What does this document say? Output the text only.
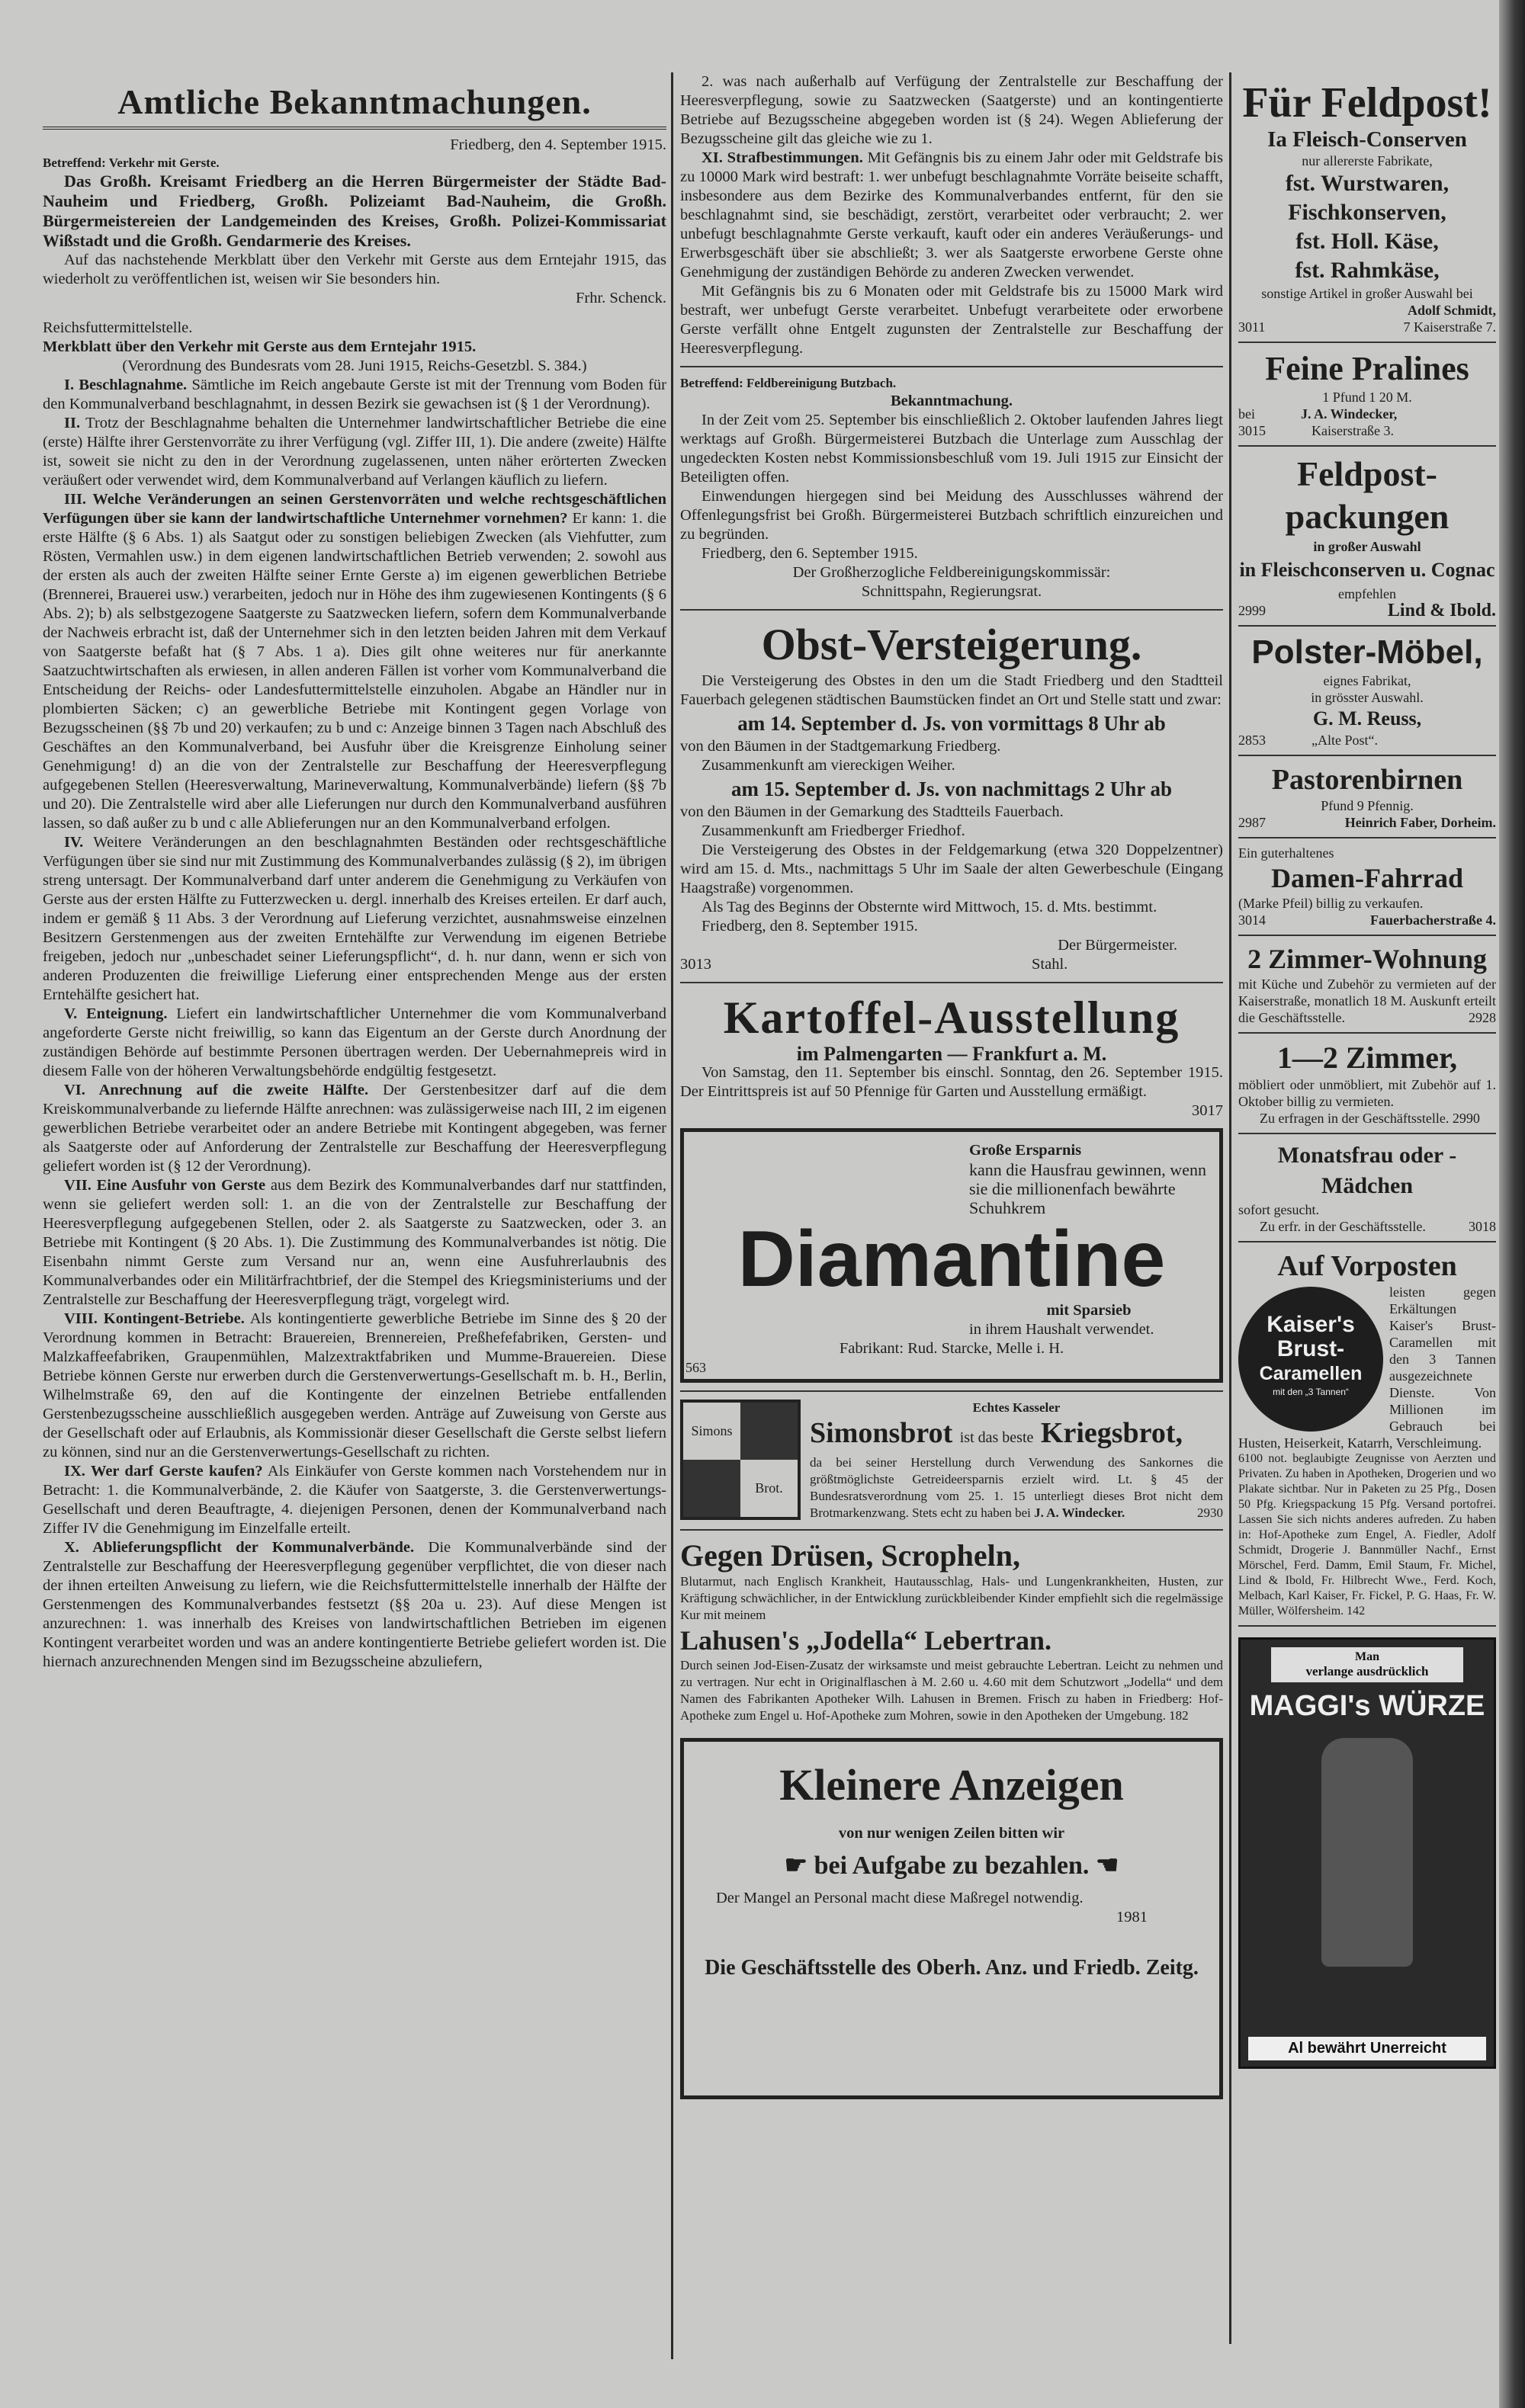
Amtliche Bekanntmachungen.

Friedberg, den 4. September 1915.

Betreffend: Verkehr mit Gerste.

Das Großh. Kreisamt Friedberg an die Herren Bürgermeister der Städte Bad-Nauheim und Friedberg, Großh. Polizeiamt Bad-Nauheim, die Großh. Bürgermeistereien der Landgemeinden des Kreises, Großh. Polizei-Kommissariat Wißstadt und die Großh. Gendarmerie des Kreises.

Auf das nachstehende Merkblatt über den Verkehr mit Gerste aus dem Erntejahr 1915, das wiederholt zu veröffentlichen ist, weisen wir Sie besonders hin.

Frhr. Schenck.

Reichsfuttermittelstelle.

Merkblatt über den Verkehr mit Gerste aus dem Erntejahr 1915.

(Verordnung des Bundesrats vom 28. Juni 1915, Reichs-Gesetzbl. S. 384.)

I. Beschlagnahme. Sämtliche im Reich angebaute Gerste ist mit der Trennung vom Boden für den Kommunalverband beschlagnahmt, in dessen Bezirk sie gewachsen ist (§ 1 der Verordnung).

II. Trotz der Beschlagnahme behalten die Unternehmer landwirtschaftlicher Betriebe die eine (erste) Hälfte ihrer Gerstenvorräte zu ihrer Verfügung (vgl. Ziffer III, 1). Die andere (zweite) Hälfte ist, soweit sie nicht zu den in der Verordnung zugelassenen, unten näher erörterten Zwecken veräußert oder verwendet wird, dem Kommunalverband auf Verlangen käuflich zu liefern.

III. Welche Veränderungen an seinen Gerstenvorräten und welche rechtsgeschäftlichen Verfügungen über sie kann der landwirtschaftliche Unternehmer vornehmen? Er kann: 1. die erste Hälfte (§ 6 Abs. 1) als Saatgut oder zu sonstigen beliebigen Zwecken (als Viehfutter, zum Rösten, Vermahlen usw.) in dem eigenen landwirtschaftlichen Betrieb verwenden; 2. sowohl aus der ersten als auch der zweiten Hälfte seiner Ernte Gerste a) im eigenen gewerblichen Betriebe (Brennerei, Brauerei usw.) verarbeiten, jedoch nur in Höhe des ihm zugewiesenen Kontingents (§ 6 Abs. 2); b) als selbstgezogene Saatgerste zu Saatzwecken liefern, sofern dem Kommunalverbande der Nachweis erbracht ist, daß der Unternehmer sich in den letzten beiden Jahren mit dem Verkauf von Saatgerste befaßt hat (§ 7 Abs. 1 a). Dies gilt ohne weiteres nur für anerkannte Saatzuchtwirtschaften als erwiesen, in allen anderen Fällen ist vorher vom Kommunalverband die Entscheidung der Reichs- oder Landesfuttermittelstelle einzuholen. Abgabe an Händler nur in plombierten Säcken; c) an gewerbliche Betriebe mit Kontingent gegen Vorlage von Bezugsscheinen (§§ 7b und 20) verkaufen; zu b und c: Anzeige binnen 3 Tagen nach Abschluß des Geschäftes an den Kommunalverband, bei Ausfuhr über die Kreisgrenze Einholung seiner Genehmigung! d) an die von der Zentralstelle zur Beschaffung der Heeresverpflegung aufgegebenen Stellen (Heeresverwaltung, Marineverwaltung, Kommunalverbände) liefern (§§ 7b und 20). Die Zentralstelle wird aber alle Lieferungen nur durch den Kommunalverband ausführen lassen, so daß außer zu b und c alle Ablieferungen nur an den Kommunalverband erfolgen.

IV. Weitere Veränderungen an den beschlagnahmten Beständen oder rechtsgeschäftliche Verfügungen über sie sind nur mit Zustimmung des Kommunalverbandes zulässig (§ 2), im übrigen streng untersagt. Der Kommunalverband darf unter anderem die Genehmigung zu Verkäufen von Gerste aus der ersten Hälfte zu Futterzwecken u. dergl. innerhalb des Kreises erteilen. Er darf auch, indem er gemäß § 11 Abs. 3 der Verordnung auf Lieferung verzichtet, ausnahmsweise einzelnen Besitzern Gerstenmengen aus der zweiten Erntehälfte zur Verwendung im eigenen Betriebe freigeben, jedoch nur „unbeschadet seiner Lieferungspflicht“, d. h. nur dann, wenn er sich von anderen Produzenten die freiwillige Lieferung einer entsprechenden Menge aus der ersten Erntehälfte gesichert hat.

V. Enteignung. Liefert ein landwirtschaftlicher Unternehmer die vom Kommunalverband angeforderte Gerste nicht freiwillig, so kann das Eigentum an der Gerste durch Anordnung der zuständigen Behörde auf bestimmte Personen übertragen werden. Der Uebernahmepreis wird in diesem Falle von der höheren Verwaltungsbehörde endgültig festgesetzt.

VI. Anrechnung auf die zweite Hälfte. Der Gerstenbesitzer darf auf die dem Kreiskommunalverbande zu liefernde Hälfte anrechnen: was zulässigerweise nach III, 2 im eigenen gewerblichen Betriebe verarbeitet oder an andere Betriebe mit Kontingent abgegeben, was ferner als Saatgerste oder auf Anforderung der Zentralstelle zur Beschaffung der Heeresverpflegung geliefert worden ist (§ 12 der Verordnung).

VII. Eine Ausfuhr von Gerste aus dem Bezirk des Kommunalverbandes darf nur stattfinden, wenn sie geliefert werden soll: 1. an die von der Zentralstelle zur Beschaffung der Heeresverpflegung aufgegebenen Stellen, oder 2. als Saatgerste zu Saatzwecken, oder 3. an Betriebe mit Kontingent (§ 20 Abs. 1). Die Zustimmung des Kommunalverbandes ist nötig. Die Eisenbahn nimmt Gerste zum Versand nur an, wenn eine Ausfuhrerlaubnis des Kommunalverbandes oder ein Militärfrachtbrief, der die Stempel des Kriegsministeriums und der Zentralstelle zur Beschaffung der Heeresverpflegung trägt, vorgelegt wird.

VIII. Kontingent-Betriebe. Als kontingentierte gewerbliche Betriebe im Sinne des § 20 der Verordnung kommen in Betracht: Brauereien, Brennereien, Preßhefefabriken, Gersten- und Malzkaffeefabriken, Graupenmühlen, Malzextraktfabriken und Mumme-Brauereien. Diese Betriebe können Gerste nur erwerben durch die Gerstenverwertungs-Gesellschaft m. b. H., Berlin, Wilhelmstraße 69, den auf die Kontingente der einzelnen Betriebe entfallenden Gerstenbezugsscheine ausschließlich ausgegeben werden. Anträge auf Zuweisung von Gerste aus der Gesellschaft oder auf Erlaubnis, als Kommissionär dieser Gesellschaft die Gerste selbst liefern zu können, sind nur an die Gerstenverwertungs-Gesellschaft zu richten.

IX. Wer darf Gerste kaufen? Als Einkäufer von Gerste kommen nach Vorstehendem nur in Betracht: 1. die Kommunalverbände, 2. die Käufer von Saatgerste, 3. die Gerstenverwertungs-Gesellschaft und deren Beauftragte, 4. diejenigen Personen, denen der Kommunalverband nach Ziffer IV die Genehmigung im Einzelfalle erteilt.

X. Ablieferungspflicht der Kommunalverbände. Die Kommunalverbände sind der Zentralstelle zur Beschaffung der Heeresverpflegung gegenüber verpflichtet, die von dieser nach der ihnen erteilten Anweisung zu liefern, wie die Reichsfuttermittelstelle innerhalb der Hälfte der Gerstenmengen des Kommunalverbandes festsetzt (§§ 20a u. 23). Auf diese Mengen ist anzurechnen: 1. was innerhalb des Kreises von landwirtschaftlichen Betrieben im eigenen Kontingent verarbeitet worden und was an andere kontingentierte Betriebe geliefert worden ist. Die hiernach anzurechnenden Mengen sind im Bezugsscheine abzuliefern,

2. was nach außerhalb auf Verfügung der Zentralstelle zur Beschaffung der Heeresverpflegung, sowie zu Saatzwecken (Saatgerste) und an kontingentierte Betriebe auf Bezugsscheine abgegeben worden ist (§ 24). Wegen Ablieferung der Bezugsscheine gilt das gleiche wie zu 1.

XI. Strafbestimmungen. Mit Gefängnis bis zu einem Jahr oder mit Geldstrafe bis zu 10000 Mark wird bestraft: 1. wer unbefugt beschlagnahmte Vorräte beiseite schafft, insbesondere aus dem Bezirke des Kommunalverbandes entfernt, für den sie beschlagnahmt sind, sie beschädigt, zerstört, verarbeitet oder verbraucht; 2. wer unbefugt beschlagnahmte Gerste verkauft, kauft oder ein anderes Veräußerungs- und Erwerbsgeschäft über sie abschließt; 3. wer als Saatgerste erworbene Gerste ohne Genehmigung der zuständigen Behörde zu anderen Zwecken verwendet.

Mit Gefängnis bis zu 6 Monaten oder mit Geldstrafe bis zu 15000 Mark wird bestraft, wer unbefugt Gerste verarbeitet. Unbefugt verarbeitete oder erworbene Gerste verfällt ohne Entgelt zugunsten der Zentralstelle zur Beschaffung der Heeresverpflegung.

Betreffend: Feldbereinigung Butzbach.

Bekanntmachung.

In der Zeit vom 25. September bis einschließlich 2. Oktober laufenden Jahres liegt werktags auf Großh. Bürgermeisterei Butzbach die Unterlage zum Ausschlag der ungedeckten Kosten nebst Kommissionsbeschluß vom 19. Juli 1915 zur Einsicht der Beteiligten offen.

Einwendungen hiergegen sind bei Meidung des Ausschlusses während der Offenlegungsfrist bei Großh. Bürgermeisterei Butzbach schriftlich einzureichen und zu begründen.

Friedberg, den 6. September 1915.

Der Großherzogliche Feldbereinigungskommissär:

Schnittspahn, Regierungsrat.

Obst-Versteigerung.

Die Versteigerung des Obstes in den um die Stadt Friedberg und den Stadtteil Fauerbach gelegenen städtischen Baumstücken findet an Ort und Stelle statt und zwar:

am 14. September d. Js. von vormittags 8 Uhr ab

von den Bäumen in der Stadtgemarkung Friedberg.

Zusammenkunft am viereckigen Weiher.

am 15. September d. Js. von nachmittags 2 Uhr ab

von den Bäumen in der Gemarkung des Stadtteils Fauerbach.

Zusammenkunft am Friedberger Friedhof.

Die Versteigerung des Obstes in der Feldgemarkung (etwa 320 Doppelzentner) wird am 15. d. Mts., nachmittags 5 Uhr im Saale der alten Gewerbeschule (Eingang Haagstraße) vorgenommen.

Als Tag des Beginns der Obsternte wird Mittwoch, 15. d. Mts. bestimmt.

Friedberg, den 8. September 1915.

Der Bürgermeister.

3013	Stahl.

Kartoffel-Ausstellung

im Palmengarten — Frankfurt a. M.

Von Samstag, den 11. September bis einschl. Sonntag, den 26. September 1915. Der Eintrittspreis ist auf 50 Pfennige für Garten und Ausstellung ermäßigt.

3017

Große Ersparnis

kann die Hausfrau gewinnen, wenn sie die millionenfach bewährte Schuhkrem

Diamantine

mit Sparsieb

in ihrem Haushalt verwendet.

Fabrikant: Rud. Starcke, Melle i. H.

563
Simons
Brot.

Echtes Kasseler

Simonsbrot ist das beste Kriegsbrot,

da bei seiner Herstellung durch Verwendung des Sankornes die größtmöglichste Getreideersparnis erzielt wird. Lt. § 45 der Bundesratsverordnung vom 25. 1. 15 unterliegt dieses Brot nicht dem Brotmarkenzwang. Stets echt zu haben bei J. A. Windecker.	2930

Gegen Drüsen, Scropheln,

Blutarmut, nach Englisch Krankheit, Hautausschlag, Hals- und Lungenkrankheiten, Husten, zur Kräftigung schwächlicher, in der Entwicklung zurückbleibender Kinder empfiehlt sich die regelmässige Kur mit meinem

Lahusen's „Jodella“ Lebertran.

Durch seinen Jod-Eisen-Zusatz der wirksamste und meist gebrauchte Lebertran. Leicht zu nehmen und zu vertragen. Nur echt in Originalflaschen à M. 2.60 u. 4.60 mit dem Schutzwort „Jodella“ und dem Namen des Fabrikanten Apotheker Wilh. Lahusen in Bremen. Frisch zu haben in Friedberg: Hof-Apotheke zum Engel u. Hof-Apotheke zum Mohren, sowie in den Apotheken der Umgebung. 182

Kleinere Anzeigen

von nur wenigen Zeilen bitten wir

☛ bei Aufgabe zu bezahlen. ☚

Der Mangel an Personal macht diese Maßregel notwendig.

1981

Die Geschäftsstelle des Oberh. Anz. und Friedb. Zeitg.

Für Feldpost!
Ia Fleisch-Conserven

nur allererste Fabrikate,

fst. Wurstwaren,
Fischkonserven,
fst. Holl. Käse,
fst. Rahmkäse,

sonstige Artikel in großer Auswahl bei

Adolf Schmidt,

3011	7 Kaiserstraße 7.

Feine Pralines

1 Pfund 1 20 M.

bei	J. A. Windecker,

3015	Kaiserstraße 3.

Feldpost-packungen

in großer Auswahl

in Fleischconserven u. Cognac

empfehlen

2999	Lind & Ibold.

Polster-Möbel,

eignes Fabrikat,

in grösster Auswahl.

G. M. Reuss,

2853	„Alte Post“.

Pastorenbirnen

Pfund 9 Pfennig.

2987	Heinrich Faber, Dorheim.

Ein guterhaltenes

Damen-Fahrrad

(Marke Pfeil) billig zu verkaufen.

3014	Fauerbacherstraße 4.

2 Zimmer-Wohnung

mit Küche und Zubehör zu vermieten auf der Kaiserstraße, monatlich 18 M. Auskunft erteilt die Geschäftsstelle.	2928

1—2 Zimmer,

möbliert oder unmöbliert, mit Zubehör auf 1. Oktober billig zu vermieten.

Zu erfragen in der Geschäftsstelle. 2990

Monatsfrau oder -Mädchen

sofort gesucht.

Zu erfr. in der Geschäftsstelle.	3018

Auf Vorposten
Kaiser's
Brust-
Caramellen
mit den „3 Tannen“

leisten gegen Erkältungen Kaiser's Brust-Caramellen mit den 3 Tannen ausgezeichnete Dienste. Von Millionen im Gebrauch bei Husten, Heiserkeit, Katarrh, Verschleimung.

6100 not. beglaubigte Zeugnisse von Aerzten und Privaten. Zu haben in Apotheken, Drogerien und wo Plakate sichtbar. Nur in Paketen zu 25 Pfg., Dosen 50 Pfg. Kriegspackung 15 Pfg. Versand portofrei. Lassen Sie sich nichts anderes aufreden. Zu haben in: Hof-Apotheke zum Engel, A. Fiedler, Adolf Schmidt, Drogerie J. Bannmüller Nachf., Ernst Mörschel, Ferd. Damm, Emil Staum, Fr. Michel, Lind & Ibold, Fr. Hilbrecht Wwe., Ferd. Koch, Melbach, Karl Kaiser, Fr. Fickel, P. G. Haas, Fr. W. Müller, Wölfersheim. 142

Man
verlange ausdrücklich
MAGGI's WÜRZE
Al bewährt Unerreicht
